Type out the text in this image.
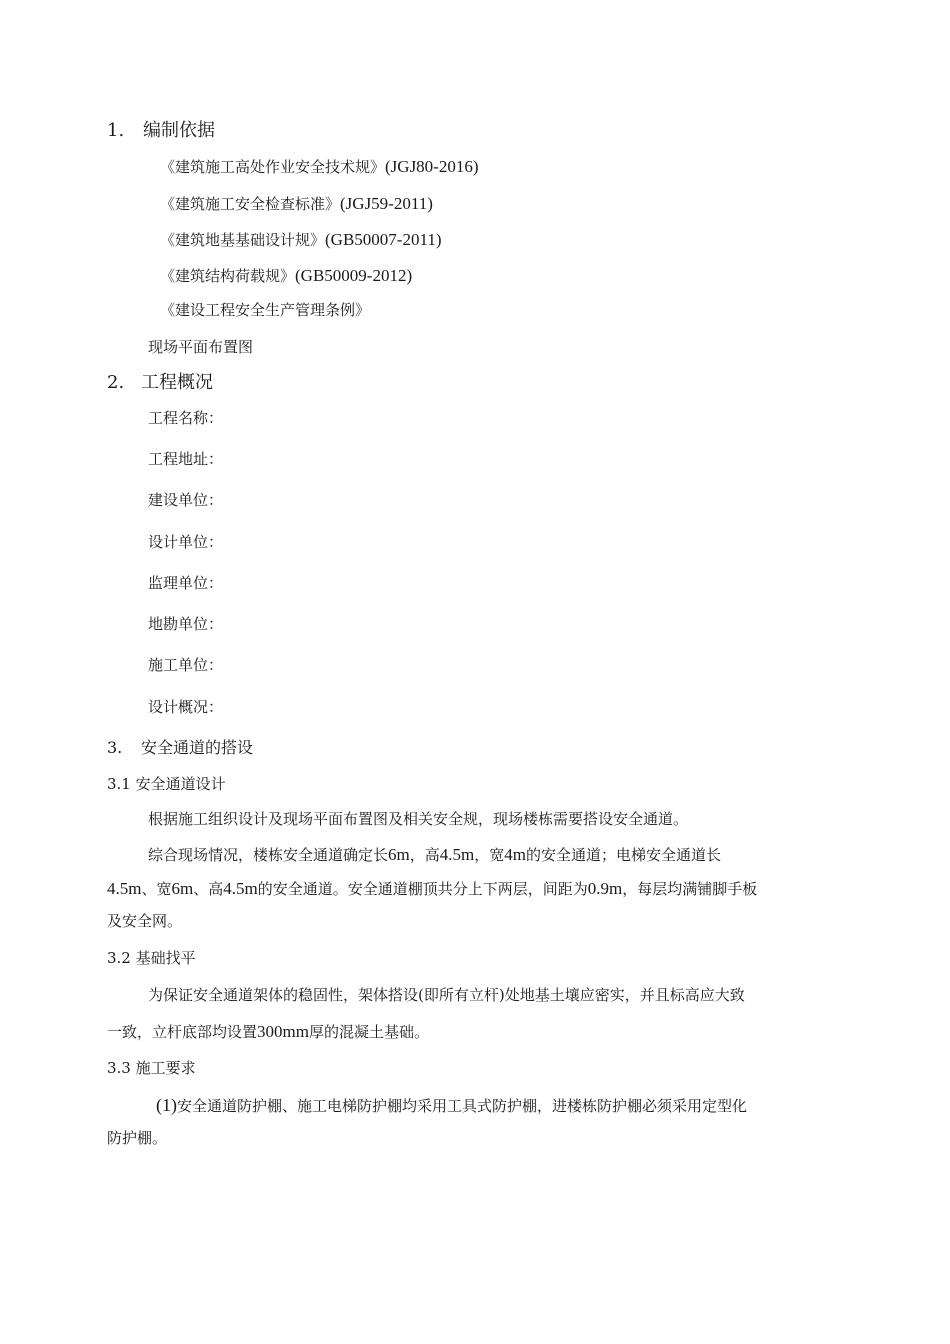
1. 编制依据
《建筑施工高处作业安全技术规》(JGJ80-2016)
《建筑施工安全检查标准》(JGJ59-2011)
《建筑地基基础设计规》(GB50007-2011)
《建筑结构荷载规》(GB50009-2012)
《建设工程安全生产管理条例》
现场平面布置图
2. 工程概况
工程名称：
工程地址：
建设单位：
设计单位：
监理单位：
地勘单位：
施工单位：
设计概况：
3. 安全通道的搭设
3.1 安全通道设计
根据施工组织设计及现场平面布置图及相关安全规，现场楼栋需要搭设安全通道。
综合现场情况，楼栋安全通道确定长6m，高4.5m，宽4m的安全通道；电梯安全通道长
4.5m、宽6m、高4.5m的安全通道。安全通道棚顶共分上下两层，间距为0.9m，每层均满铺脚手板
及安全网。
3.2 基础找平
为保证安全通道架体的稳固性，架体搭设(即所有立杆)处地基土壤应密实，并且标高应大致
一致，立杆底部均设置300mm厚的混凝土基础。
3.3 施工要求
(1)安全通道防护棚、施工电梯防护棚均采用工具式防护棚，进楼栋防护棚必须采用定型化
防护棚。
